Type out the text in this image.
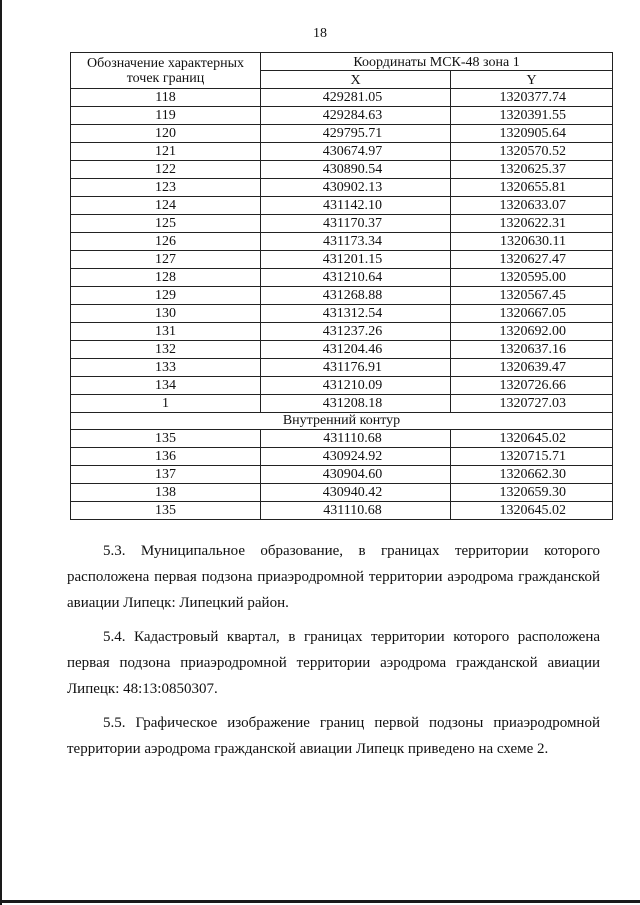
18
Обозначение характерных точек границ	Координаты МСК-48 зона 1	
	X	Y
118	429281.05	1320377.74
119	429284.63	1320391.55
120	429795.71	1320905.64
121	430674.97	1320570.52
122	430890.54	1320625.37
123	430902.13	1320655.81
124	431142.10	1320633.07
125	431170.37	1320622.31
126	431173.34	1320630.11
127	431201.15	1320627.47
128	431210.64	1320595.00
129	431268.88	1320567.45
130	431312.54	1320667.05
131	431237.26	1320692.00
132	431204.46	1320637.16
133	431176.91	1320639.47
134	431210.09	1320726.66
1	431208.18	1320727.03
Внутренний контур		
135	431110.68	1320645.02
136	430924.92	1320715.71
137	430904.60	1320662.30
138	430940.42	1320659.30
135	431110.68	1320645.02

5.3. Муниципальное образование, в границах территории которого расположена первая подзона приаэродромной территории аэродрома гражданской авиации Липецк: Липецкий район.

5.4. Кадастровый квартал, в границах территории которого расположена первая подзона приаэродромной территории аэродрома гражданской авиации Липецк: 48:13:0850307.

5.5. Графическое изображение границ первой подзоны приаэродромной территории аэродрома гражданской авиации Липецк приведено на схеме 2.
